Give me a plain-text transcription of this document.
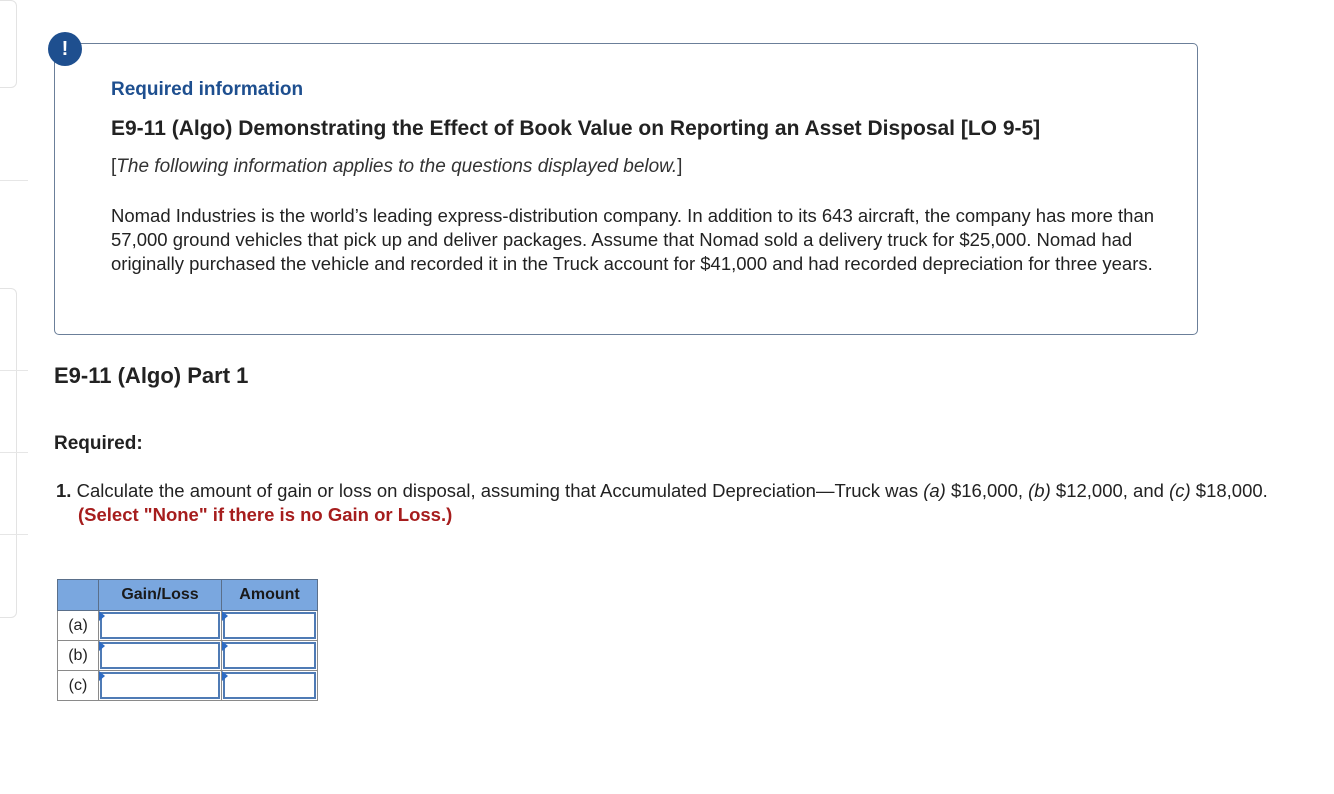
!
Required information
E9-11 (Algo) Demonstrating the Effect of Book Value on Reporting an Asset Disposal [LO 9-5]
[The following information applies to the questions displayed below.]
Nomad Industries is the world’s leading express-distribution company. In addition to its 643 aircraft, the company has more than 57,000 ground vehicles that pick up and deliver packages. Assume that Nomad sold a delivery truck for $25,000. Nomad had originally purchased the vehicle and recorded it in the Truck account for $41,000 and had recorded depreciation for three years.
E9-11 (Algo) Part 1
Required:
1. Calculate the amount of gain or loss on disposal, assuming that Accumulated Depreciation—Truck was (a) $16,000, (b) $12,000, and (c) $18,000. (Select "None" if there is no Gain or Loss.)
	Gain/Loss	Amount
(a)	

(b)	

(c)	
